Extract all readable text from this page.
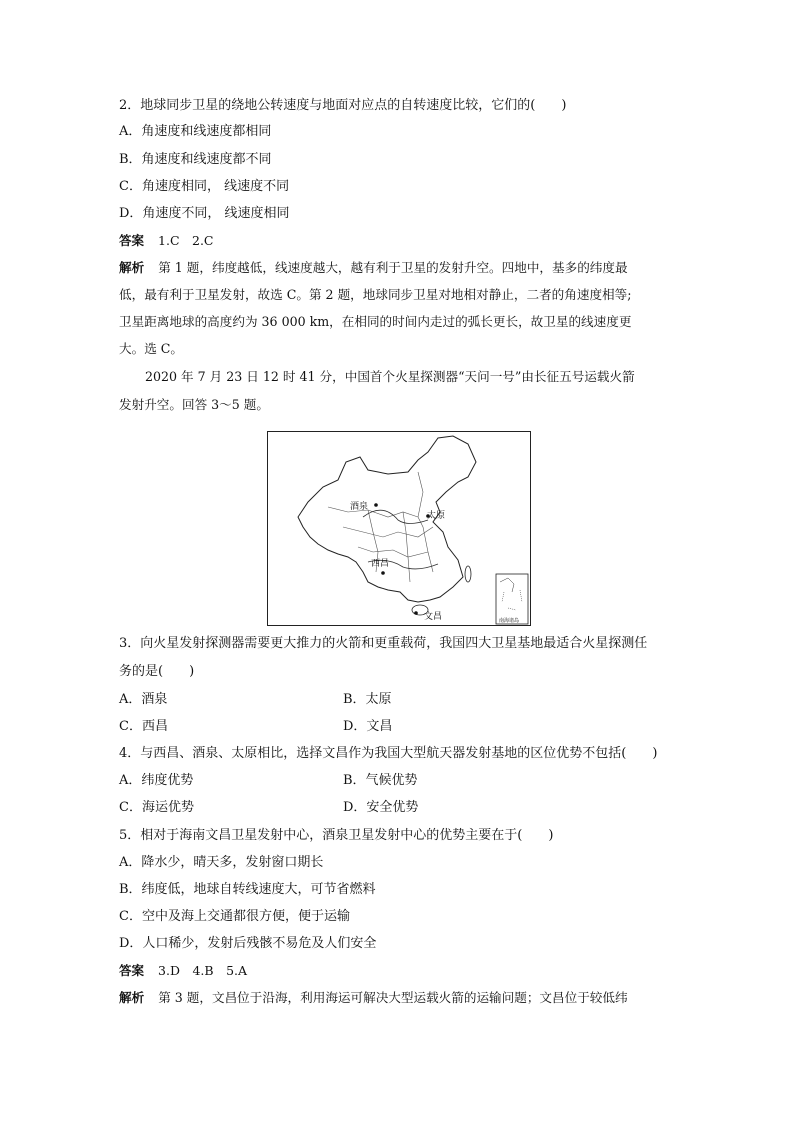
2．地球同步卫星的绕地公转速度与地面对应点的自转速度比较，它们的(　　)
A．角速度和线速度都相同
B．角速度和线速度都不同
C．角速度相同， 线速度不同
D．角速度不同， 线速度相同
答案 1.C　2.C
解析 第 1 题，纬度越低，线速度越大，越有利于卫星的发射升空。四地中，基多的纬度最
低，最有利于卫星发射，故选 C。第 2 题，地球同步卫星对地相对静止，二者的角速度相等;
卫星距离地球的高度约为 36 000 km，在相同的时间内走过的弧长更长，故卫星的线速度更
大。选 C。
2020 年 7 月 23 日 12 时 41 分，中国首个火星探测器“天问一号”由长征五号运载火箭
发射升空。回答 3～5 题。
酒泉
太原
西昌
文昌	南海诸岛
3．向火星发射探测器需要更大推力的火箭和更重载荷，我国四大卫星基地最适合火星探测任
务的是(　　)
A．酒泉	B．太原
C．西昌	D．文昌
4．与西昌、酒泉、太原相比，选择文昌作为我国大型航天器发射基地的区位优势不包括(　　)
A．纬度优势	B．气候优势
C．海运优势	D．安全优势
5．相对于海南文昌卫星发射中心，酒泉卫星发射中心的优势主要在于(　　)
A．降水少，晴天多，发射窗口期长
B．纬度低，地球自转线速度大，可节省燃料
C．空中及海上交通都很方便，便于运输
D．人口稀少，发射后残骸不易危及人们安全
答案 3.D　4.B　5.A
解析 第 3 题，文昌位于沿海，利用海运可解决大型运载火箭的运输问题；文昌位于较低纬
